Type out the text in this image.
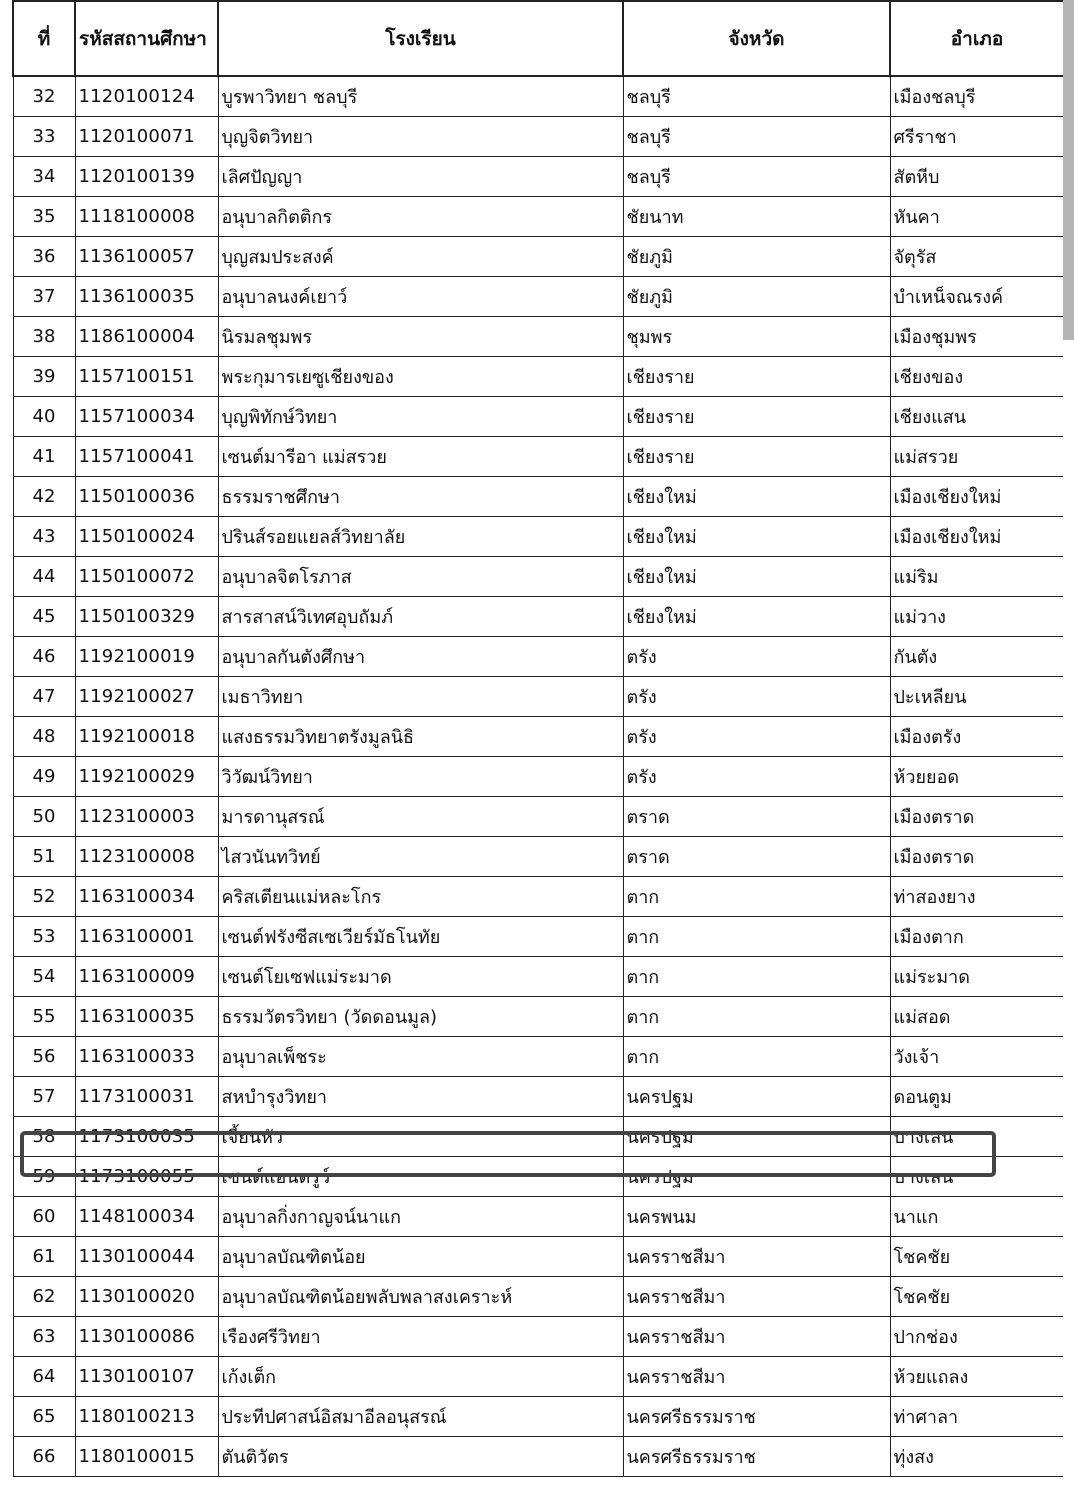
ที่	รหัสสถานศึกษา	โรงเรียน	จังหวัด	อำเภอ
32	1120100124	บูรพาวิทยา ชลบุรี	ชลบุรี	เมืองชลบุรี
33	1120100071	บุญจิตวิทยา	ชลบุรี	ศรีราชา
34	1120100139	เลิศปัญญา	ชลบุรี	สัตหีบ
35	1118100008	อนุบาลกิตติกร	ชัยนาท	หันคา
36	1136100057	บุญสมประสงค์	ชัยภูมิ	จัตุรัส
37	1136100035	อนุบาลนงค์เยาว์	ชัยภูมิ	บำเหน็จณรงค์
38	1186100004	นิรมลชุมพร	ชุมพร	เมืองชุมพร
39	1157100151	พระกุมารเยซูเชียงของ	เชียงราย	เชียงของ
40	1157100034	บุญพิทักษ์วิทยา	เชียงราย	เชียงแสน
41	1157100041	เซนต์มารีอา แม่สรวย	เชียงราย	แม่สรวย
42	1150100036	ธรรมราชศึกษา	เชียงใหม่	เมืองเชียงใหม่
43	1150100024	ปรินส์รอยแยลส์วิทยาลัย	เชียงใหม่	เมืองเชียงใหม่
44	1150100072	อนุบาลจิตโรภาส	เชียงใหม่	แม่ริม
45	1150100329	สารสาสน์วิเทศอุบถัมภ์	เชียงใหม่	แม่วาง
46	1192100019	อนุบาลกันตังศึกษา	ตรัง	กันตัง
47	1192100027	เมธาวิทยา	ตรัง	ปะเหลียน
48	1192100018	แสงธรรมวิทยาตรังมูลนิธิ	ตรัง	เมืองตรัง
49	1192100029	วิวัฒน์วิทยา	ตรัง	ห้วยยอด
50	1123100003	มารดานุสรณ์	ตราด	เมืองตราด
51	1123100008	ไสวนันทวิทย์	ตราด	เมืองตราด
52	1163100034	คริสเตียนแม่หละโกร	ตาก	ท่าสองยาง
53	1163100001	เซนต์ฟรังซีสเซเวียร์มัธโนทัย	ตาก	เมืองตาก
54	1163100009	เซนต์โยเซฟแม่ระมาด	ตาก	แม่ระมาด
55	1163100035	ธรรมวัตรวิทยา (วัดดอนมูล)	ตาก	แม่สอด
56	1163100033	อนุบาลเพ็ชระ	ตาก	วังเจ้า
57	1173100031	สหบำรุงวิทยา	นครปฐม	ดอนตูม
58	1173100035	เจี้ยนหัว	นครปฐม	บางเลน
59	1173100055	เซนต์แอนดรูว์	นครปฐม	บางเลน
60	1148100034	อนุบาลกิ่งกาญจน์นาแก	นครพนม	นาแก
61	1130100044	อนุบาลบัณฑิตน้อย	นครราชสีมา	โชคชัย
62	1130100020	อนุบาลบัณฑิตน้อยพลับพลาสงเคราะห์	นครราชสีมา	โชคชัย
63	1130100086	เรืองศรีวิทยา	นครราชสีมา	ปากช่อง
64	1130100107	เก้งเต็ก	นครราชสีมา	ห้วยแถลง
65	1180100213	ประทีปศาสน์อิสมาอีลอนุสรณ์	นครศรีธรรมราช	ท่าศาลา
66	1180100015	ตันติวัตร	นครศรีธรรมราช	ทุ่งสง
